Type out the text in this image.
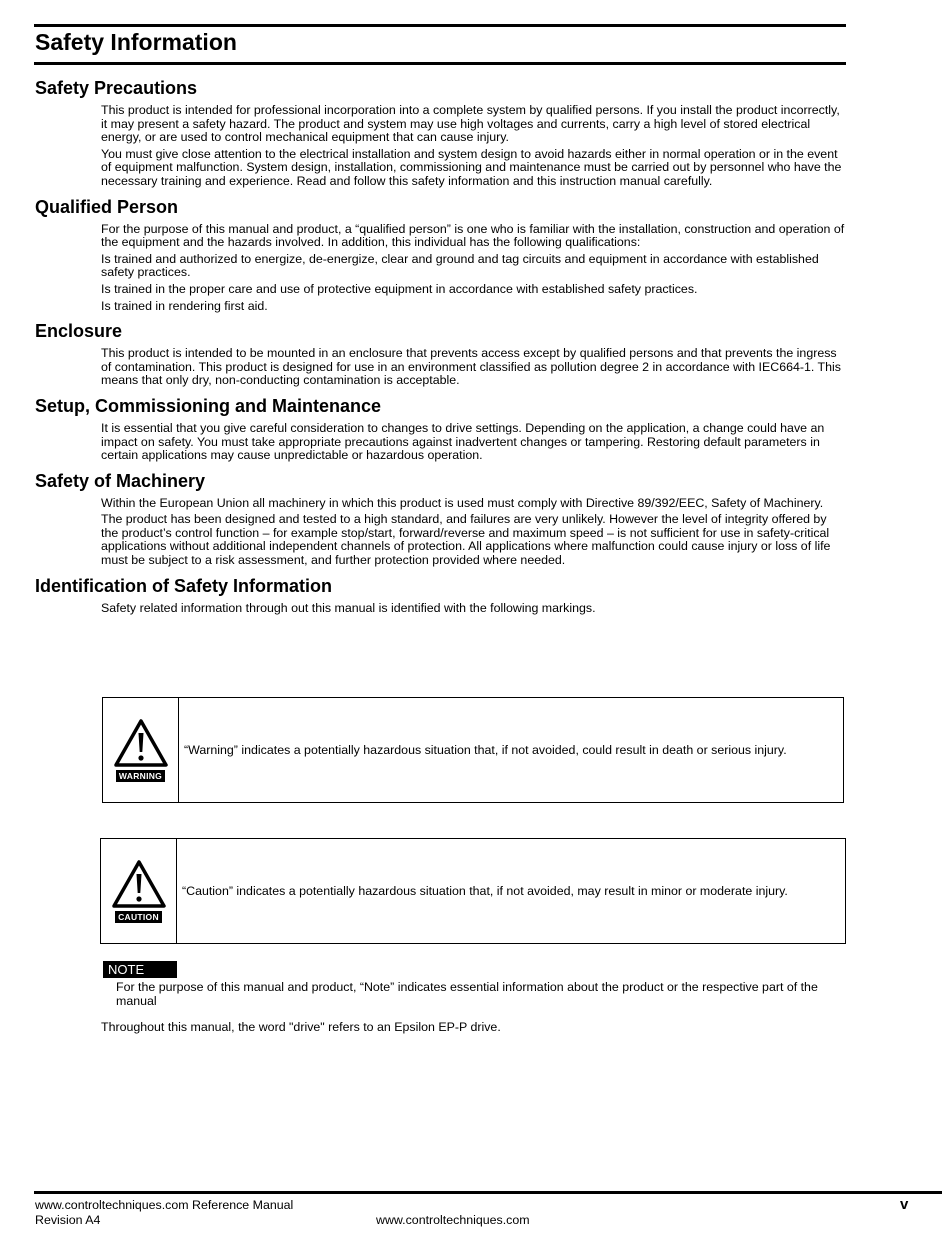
Safety Information
Safety Precautions

This product is intended for professional incorporation into a complete system by qualified persons. If you install the product incorrectly, it may present a safety hazard. The product and system may use high voltages and currents, carry a high level of stored electrical energy, or are used to control mechanical equipment that can cause injury.

You must give close attention to the electrical installation and system design to avoid hazards either in normal operation or in the event of equipment malfunction. System design, installation, commissioning and maintenance must be carried out by personnel who have the necessary training and experience. Read and follow this safety information and this instruction manual carefully.

Qualified Person

For the purpose of this manual and product, a “qualified person” is one who is familiar with the installation, construction and operation of the equipment and the hazards involved. In addition, this individual has the following qualifications:

Is trained and authorized to energize, de-energize, clear and ground and tag circuits and equipment in accordance with established safety practices.

Is trained in the proper care and use of protective equipment in accordance with established safety practices.

Is trained in rendering first aid.

Enclosure

This product is intended to be mounted in an enclosure that prevents access except by qualified persons and that prevents the ingress of contamination. This product is designed for use in an environment classified as pollution degree 2 in accordance with IEC664-1. This means that only dry, non-conducting contamination is acceptable.

Setup, Commissioning and Maintenance

It is essential that you give careful consideration to changes to drive settings. Depending on the application, a change could have an impact on safety. You must take appropriate precautions against inadvertent changes or tampering. Restoring default parameters in certain applications may cause unpredictable or hazardous operation.

Safety of Machinery

Within the European Union all machinery in which this product is used must comply with Directive 89/392/EEC, Safety of Machinery.

The product has been designed and tested to a high standard, and failures are very unlikely. However the level of integrity offered by the product’s control function – for example stop/start, forward/reverse and maximum speed – is not sufficient for use in safety-critical applications without additional independent channels of protection. All applications where malfunction could cause injury or loss of life must be subject to a risk assessment, and further protection provided where needed.

Identification of Safety Information

Safety related information through out this manual is identified with the following markings.

WARNING
“Warning” indicates a potentially hazardous situation that, if not avoided, could result in death or serious injury.
CAUTION
“Caution” indicates a potentially hazardous situation that, if not avoided, may result in minor or moderate injury.
NOTE

For the purpose of this manual and product, “Note” indicates essential information about the product or the respective part of the manual

Throughout this manual, the word "drive" refers to an Epsilon EP-P drive.

www.controltechniques.com Reference Manual
Revision A4	www.controltechniques.com
v
